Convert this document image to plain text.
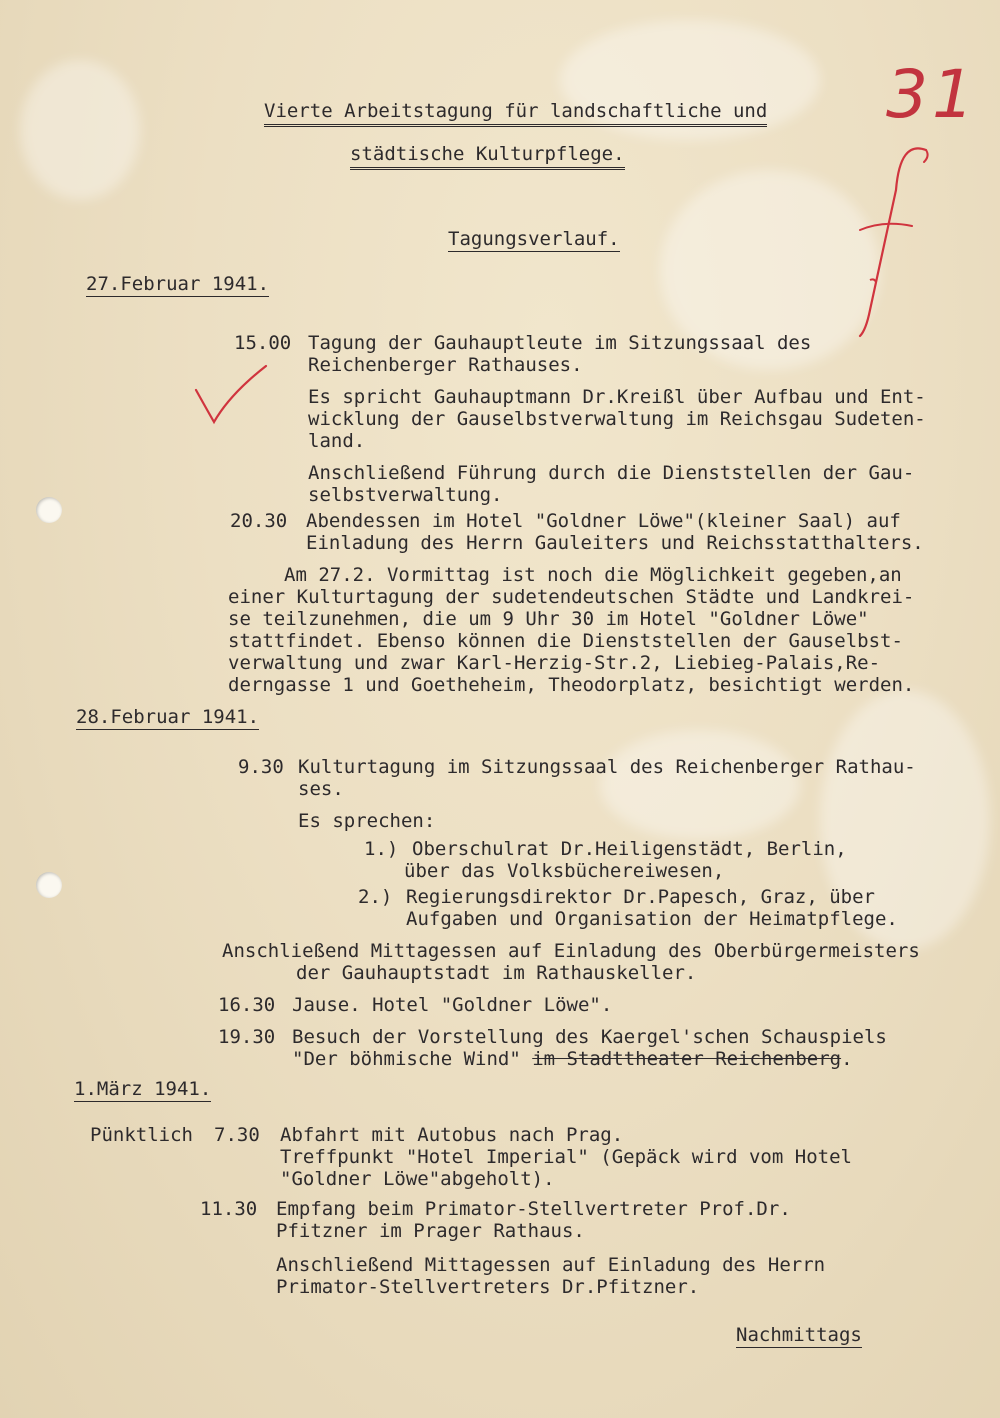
31
Vierte Arbeitstagung für landschaftliche und
städtische Kulturpflege.
Tagungsverlauf.
27.Februar 1941.
15.00 Tagung der Gauhauptleute im Sitzungssaal des
Reichenberger Rathauses.
Es spricht Gauhauptmann Dr.Kreißl über Aufbau und Ent-
wicklung der Gauselbstverwaltung im Reichsgau Sudeten-
land.
Anschließend Führung durch die Dienststellen der Gau-
selbstverwaltung.
20.30 Abendessen im Hotel "Goldner Löwe"(kleiner Saal) auf
Einladung des Herrn Gauleiters und Reichsstatthalters.
Am 27.2. Vormittag ist noch die Möglichkeit gegeben,an
einer Kulturtagung der sudetendeutschen Städte und Landkrei-
se teilzunehmen, die um 9 Uhr 30 im Hotel "Goldner Löwe"
stattfindet. Ebenso können die Dienststellen der Gauselbst-
verwaltung und zwar Karl-Herzig-Str.2, Liebieg-Palais,Re-
derngasse 1 und Goetheheim, Theodorplatz, besichtigt werden.
28.Februar 1941.
9.30 Kulturtagung im Sitzungssaal des Reichenberger Rathau-
ses.
Es sprechen:
1.) Oberschulrat Dr.Heiligenstädt, Berlin,
über das Volksbüchereiwesen,
2.) Regierungsdirektor Dr.Papesch, Graz, über
Aufgaben und Organisation der Heimatpflege.
Anschließend Mittagessen auf Einladung des Oberbürgermeisters
der Gauhauptstadt im Rathauskeller.
16.30 Jause. Hotel "Goldner Löwe".
19.30 Besuch der Vorstellung des Kaergel'schen Schauspiels
"Der böhmische Wind" im Stadttheater Reichenberg.
1.März 1941.
Pünktlich 7.30 Abfahrt mit Autobus nach Prag.
Treffpunkt "Hotel Imperial" (Gepäck wird vom Hotel
"Goldner Löwe"abgeholt).
11.30 Empfang beim Primator-Stellvertreter Prof.Dr.
Pfitzner im Prager Rathaus.
Anschließend Mittagessen auf Einladung des Herrn
Primator-Stellvertreters Dr.Pfitzner.
Nachmittags
